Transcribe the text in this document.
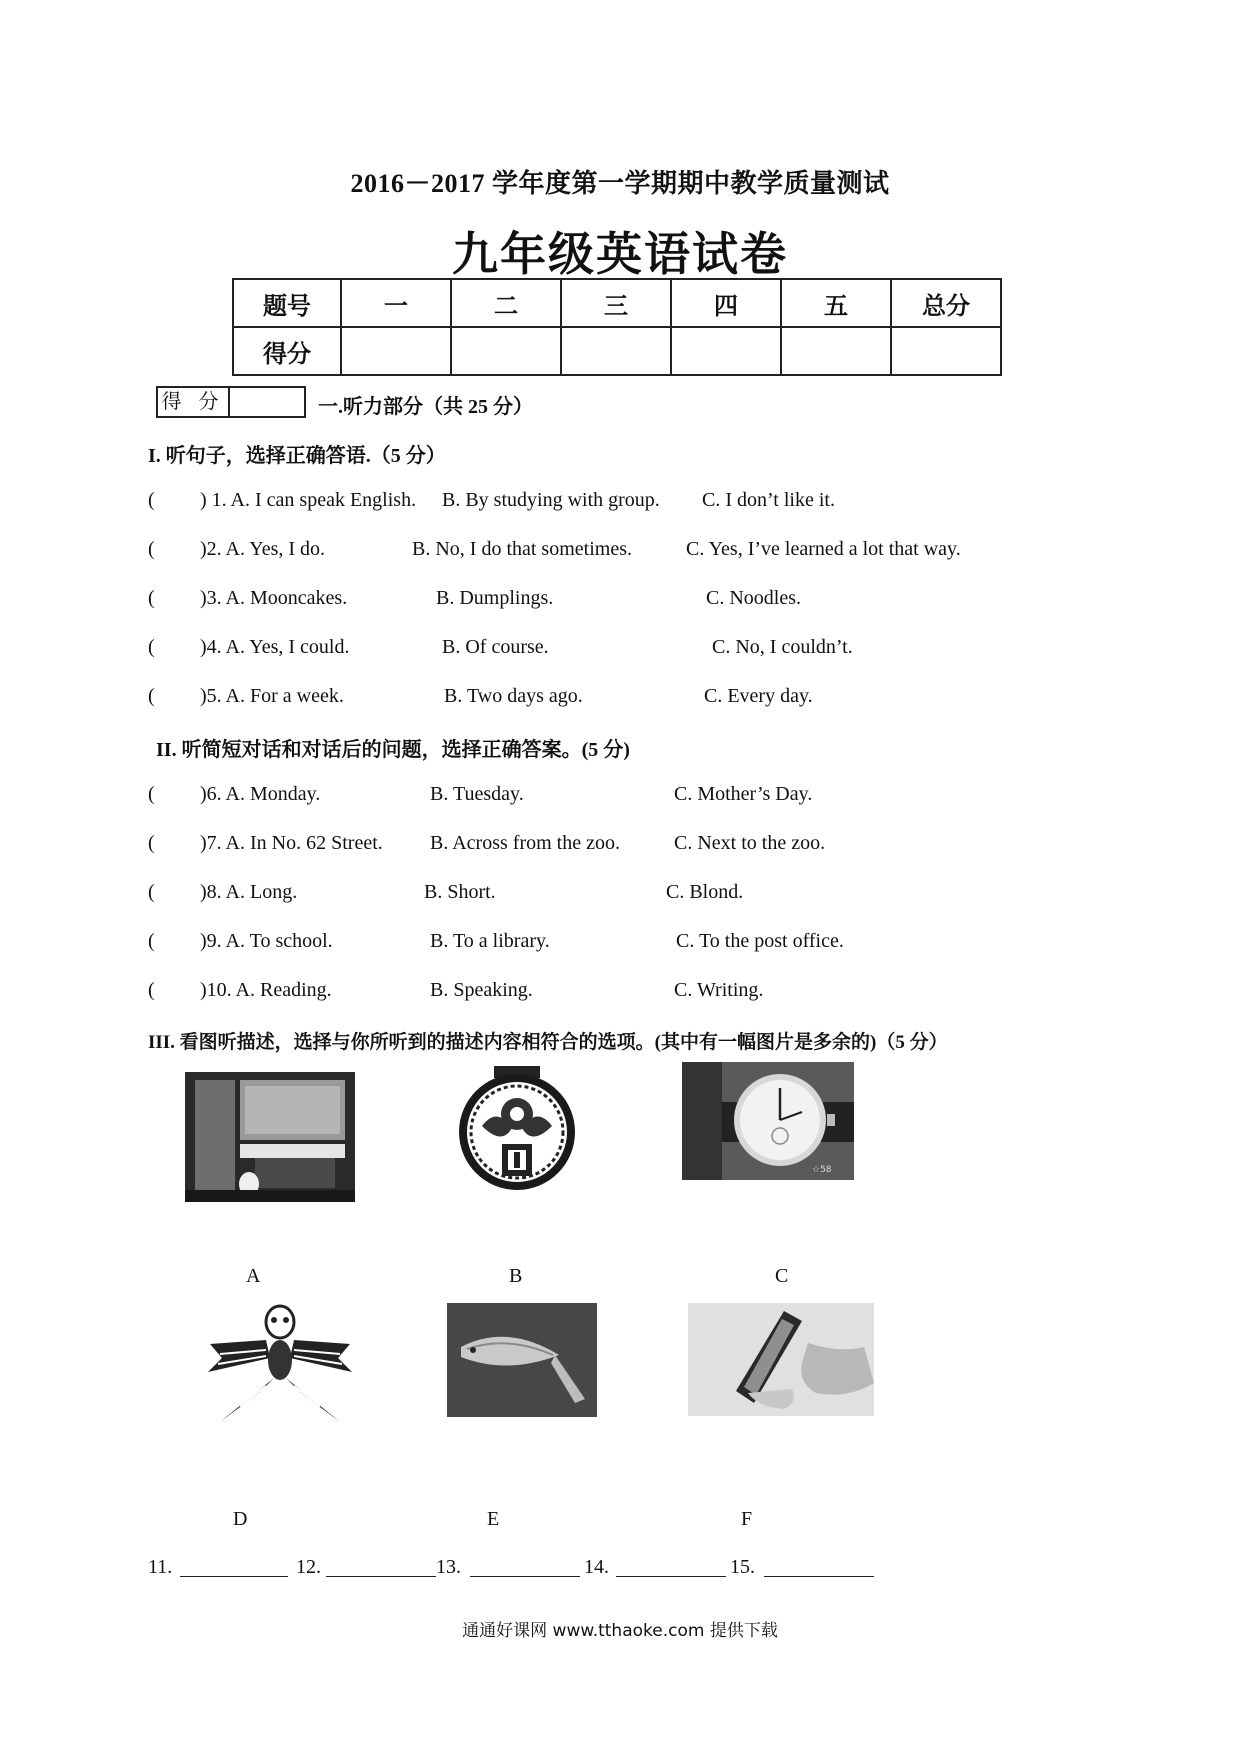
2016－2017 学年度第一学期期中教学质量测试
九年级英语试卷
题号	一	二	三	四	五	总分
得分						
得 分	一.听力部分（共 25 分）
I. 听句子，选择正确答语.（5 分）
( ) 1. A. I can speak English. B. By studying with group. C. I don’t like it.
( )2. A. Yes, I do.	B. No, I do that sometimes.	C. Yes, I’ve learned a lot that way.
( )3. A. Mooncakes.	B. Dumplings.	C. Noodles.
( )4. A. Yes, I could.	B. Of course.	C. No, I couldn’t.
( )5. A. For a week.	B. Two days ago.	C. Every day.
II. 听简短对话和对话后的问题，选择正确答案。(5 分)
( )6. A. Monday.	B. Tuesday.	C. Mother’s Day.
( )7. A. In No. 62 Street. B. Across from the zoo.	C. Next to the zoo.
( )8. A. Long.	B. Short.	C. Blond.
( )9. A. To school.	B. To a library.	C. To the post office.
( )10. A. Reading.	B. Speaking.	C. Writing.
III. 看图听描述，选择与你所听到的描述内容相符合的选项。(其中有一幅图片是多余的)（5 分）
☆58
A	B	C
D	E	F
11.	12.	13.	14.	15.
通通好课网 www.tthaoke.com 提供下载
